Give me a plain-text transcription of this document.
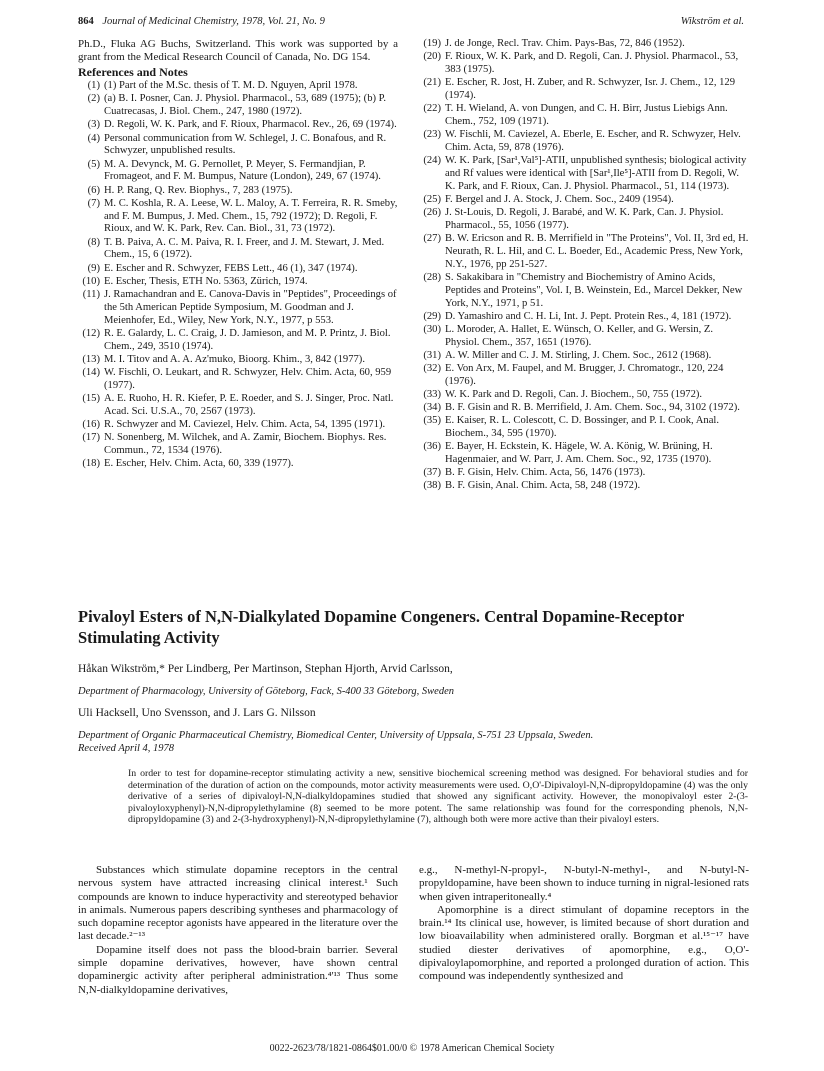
864 Journal of Medicinal Chemistry, 1978, Vol. 21, No. 9	Wikström et al.

Ph.D., Fluka AG Buchs, Switzerland. This work was supported by a grant from the Medical Research Council of Canada, No. DG 154.

References and Notes
(1) (1) Part of the M.Sc. thesis of T. M. D. Nguyen, April 1978.
(2) (a) B. I. Posner, Can. J. Physiol. Pharmacol., 53, 689 (1975); (b) P. Cuatrecasas, J. Biol. Chem., 247, 1980 (1972).
(3) D. Regoli, W. K. Park, and F. Rioux, Pharmacol. Rev., 26, 69 (1974).
(4) Personal communication from W. Schlegel, J. C. Bonafous, and R. Schwyzer, unpublished results.
(5) M. A. Devynck, M. G. Pernollet, P. Meyer, S. Fermandjian, P. Fromageot, and F. M. Bumpus, Nature (London), 249, 67 (1974).
(6) H. P. Rang, Q. Rev. Biophys., 7, 283 (1975).
(7) M. C. Koshla, R. A. Leese, W. L. Maloy, A. T. Ferreira, R. R. Smeby, and F. M. Bumpus, J. Med. Chem., 15, 792 (1972); D. Regoli, F. Rioux, and W. K. Park, Rev. Can. Biol., 31, 73 (1972).
(8) T. B. Paiva, A. C. M. Paiva, R. I. Freer, and J. M. Stewart, J. Med. Chem., 15, 6 (1972).
(9) E. Escher and R. Schwyzer, FEBS Lett., 46 (1), 347 (1974).
(10) E. Escher, Thesis, ETH No. 5363, Zürich, 1974.
(11) J. Ramachandran and E. Canova-Davis in "Peptides", Proceedings of the 5th American Peptide Symposium, M. Goodman and J. Meienhofer, Ed., Wiley, New York, N.Y., 1977, p 553.
(12) R. E. Galardy, L. C. Craig, J. D. Jamieson, and M. P. Printz, J. Biol. Chem., 249, 3510 (1974).
(13) M. I. Titov and A. A. Az'muko, Bioorg. Khim., 3, 842 (1977).
(14) W. Fischli, O. Leukart, and R. Schwyzer, Helv. Chim. Acta, 60, 959 (1977).
(15) A. E. Ruoho, H. R. Kiefer, P. E. Roeder, and S. J. Singer, Proc. Natl. Acad. Sci. U.S.A., 70, 2567 (1973).
(16) R. Schwyzer and M. Caviezel, Helv. Chim. Acta, 54, 1395 (1971).
(17) N. Sonenberg, M. Wilchek, and A. Zamir, Biochem. Biophys. Res. Commun., 72, 1534 (1976).
(18) E. Escher, Helv. Chim. Acta, 60, 339 (1977).
(19) J. de Jonge, Recl. Trav. Chim. Pays-Bas, 72, 846 (1952).
(20) F. Rioux, W. K. Park, and D. Regoli, Can. J. Physiol. Pharmacol., 53, 383 (1975).
(21) E. Escher, R. Jost, H. Zuber, and R. Schwyzer, Isr. J. Chem., 12, 129 (1974).
(22) T. H. Wieland, A. von Dungen, and C. H. Birr, Justus Liebigs Ann. Chem., 752, 109 (1971).
(23) W. Fischli, M. Caviezel, A. Eberle, E. Escher, and R. Schwyzer, Helv. Chim. Acta, 59, 878 (1976).
(24) W. K. Park, [Sar¹,Val⁵]-ATII, unpublished synthesis; biological activity and Rf values were identical with [Sar¹,Ile⁵]-ATII from D. Regoli, W. K. Park, and F. Rioux, Can. J. Physiol. Pharmacol., 51, 114 (1973).
(25) F. Bergel and J. A. Stock, J. Chem. Soc., 2409 (1954).
(26) J. St-Louis, D. Regoli, J. Barabé, and W. K. Park, Can. J. Physiol. Pharmacol., 55, 1056 (1977).
(27) B. W. Ericson and R. B. Merrifield in "The Proteins", Vol. II, 3rd ed, H. Neurath, R. L. Hil, and C. L. Boeder, Ed., Academic Press, New York, N.Y., 1976, pp 251-527.
(28) S. Sakakibara in "Chemistry and Biochemistry of Amino Acids, Peptides and Proteins", Vol. I, B. Weinstein, Ed., Marcel Dekker, New York, N.Y., 1971, p 51.
(29) D. Yamashiro and C. H. Li, Int. J. Pept. Protein Res., 4, 181 (1972).
(30) L. Moroder, A. Hallet, E. Wünsch, O. Keller, and G. Wersin, Z. Physiol. Chem., 357, 1651 (1976).
(31) A. W. Miller and C. J. M. Stirling, J. Chem. Soc., 2612 (1968).
(32) E. Von Arx, M. Faupel, and M. Brugger, J. Chromatogr., 120, 224 (1976).
(33) W. K. Park and D. Regoli, Can. J. Biochem., 50, 755 (1972).
(34) B. F. Gisin and R. B. Merrifield, J. Am. Chem. Soc., 94, 3102 (1972).
(35) E. Kaiser, R. L. Colescott, C. D. Bossinger, and P. I. Cook, Anal. Biochem., 34, 595 (1970).
(36) E. Bayer, H. Eckstein, K. Hägele, W. A. König, W. Brüning, H. Hagenmaier, and W. Parr, J. Am. Chem. Soc., 92, 1735 (1970).
(37) B. F. Gisin, Helv. Chim. Acta, 56, 1476 (1973).
(38) B. F. Gisin, Anal. Chim. Acta, 58, 248 (1972).
Pivaloyl Esters of N,N-Dialkylated Dopamine Congeners. Central Dopamine-Receptor Stimulating Activity
Håkan Wikström,* Per Lindberg, Per Martinson, Stephan Hjorth, Arvid Carlsson,
Department of Pharmacology, University of Göteborg, Fack, S-400 33 Göteborg, Sweden
Uli Hacksell, Uno Svensson, and J. Lars G. Nilsson
Department of Organic Pharmaceutical Chemistry, Biomedical Center, University of Uppsala, S-751 23 Uppsala, Sweden.
Received April 4, 1978

In order to test for dopamine-receptor stimulating activity a new, sensitive biochemical screening method was designed. For behavioral studies and for determination of the duration of action on the compounds, motor activity measurements were used. O,O'-Dipivaloyl-N,N-dipropyldopamine (4) was the only derivative of a series of dipivaloyl-N,N-dialkyldopamines studied that showed any significant activity. However, the monopivaloyl ester 2-(3-pivaloyloxyphenyl)-N,N-dipropylethylamine (8) seemed to be more potent. The same relationship was found for the corresponding phenols, N,N-dipropyldopamine (3) and 2-(3-hydroxyphenyl)-N,N-dipropylethylamine (7), although both were more active than their pivaloyl esters.

Substances which stimulate dopamine receptors in the central nervous system have attracted increasing clinical interest.¹ Such compounds are known to induce hyperactivity and stereotyped behavior in animals. Numerous papers describing syntheses and pharmacology of such dopamine receptor agonists have appeared in the literature over the last decade.²⁻¹³

Dopamine itself does not pass the blood-brain barrier. Several simple dopamine derivatives, however, have shown central dopaminergic activity after peripheral administration.⁴'¹³ Thus some N,N-dialkyldopamine derivatives,

e.g., N-methyl-N-propyl-, N-butyl-N-methyl-, and N-butyl-N-propyldopamine, have been shown to induce turning in nigral-lesioned rats when given intraperitoneally.⁴

Apomorphine is a direct stimulant of dopamine receptors in the brain.¹⁴ Its clinical use, however, is limited because of short duration and low bioavailability when administered orally. Borgman et al.¹⁵⁻¹⁷ have studied diester derivatives of apomorphine, e.g., O,O'-dipivaloylapomorphine, and reported a prolonged duration of action. This compound was independently synthesized and

0022-2623/78/1821-0864$01.00/0 © 1978 American Chemical Society
